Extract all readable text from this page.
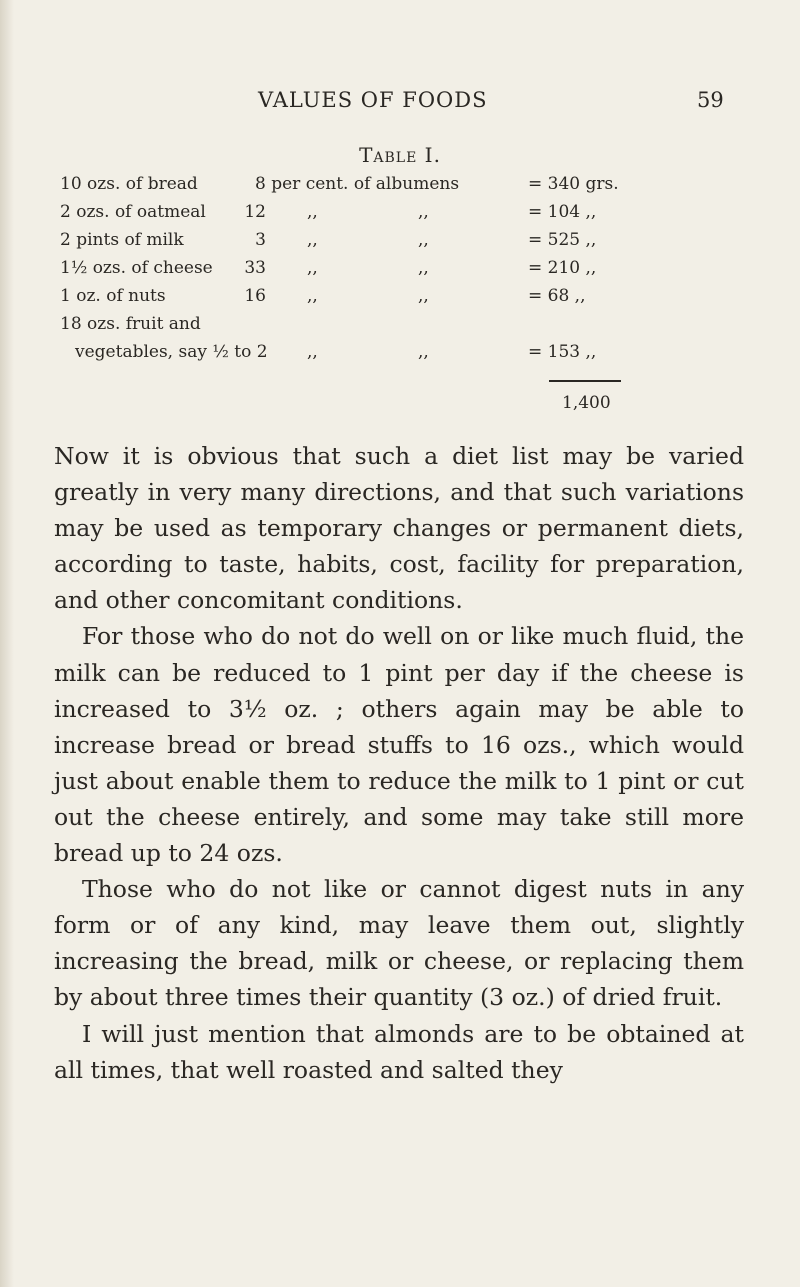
VALUES OF FOODS	59
Table I.
10 ozs. of bread	8 per cent. of albumens	= 340 grs.
2 ozs. of oatmeal	12 ,,	,,	= 104 ,,
2 pints of milk	3 ,,	,,	= 525 ,,
1½ ozs. of cheese	33 ,,	,,	= 210 ,,
1 oz. of nuts	16 ,,	,,	= 68 ,,
18 ozs. fruit and
vegetables, say ½ to 2 ,,	,,	= 153 ,,
1,400

Now it is obvious that such a diet list may be varied greatly in very many directions, and that such variations may be used as temporary changes or permanent diets, according to taste, habits, cost, facility for preparation, and other concomitant conditions.

For those who do not do well on or like much fluid, the milk can be reduced to 1 pint per day if the cheese is increased to 3½ oz. ; others again may be able to increase bread or bread stuffs to 16 ozs., which would just about enable them to reduce the milk to 1 pint or cut out the cheese entirely, and some may take still more bread up to 24 ozs.

Those who do not like or cannot digest nuts in any form or of any kind, may leave them out, slightly increasing the bread, milk or cheese, or replacing them by about three times their quantity (3 oz.) of dried fruit.

I will just mention that almonds are to be obtained at all times, that well roasted and salted they
